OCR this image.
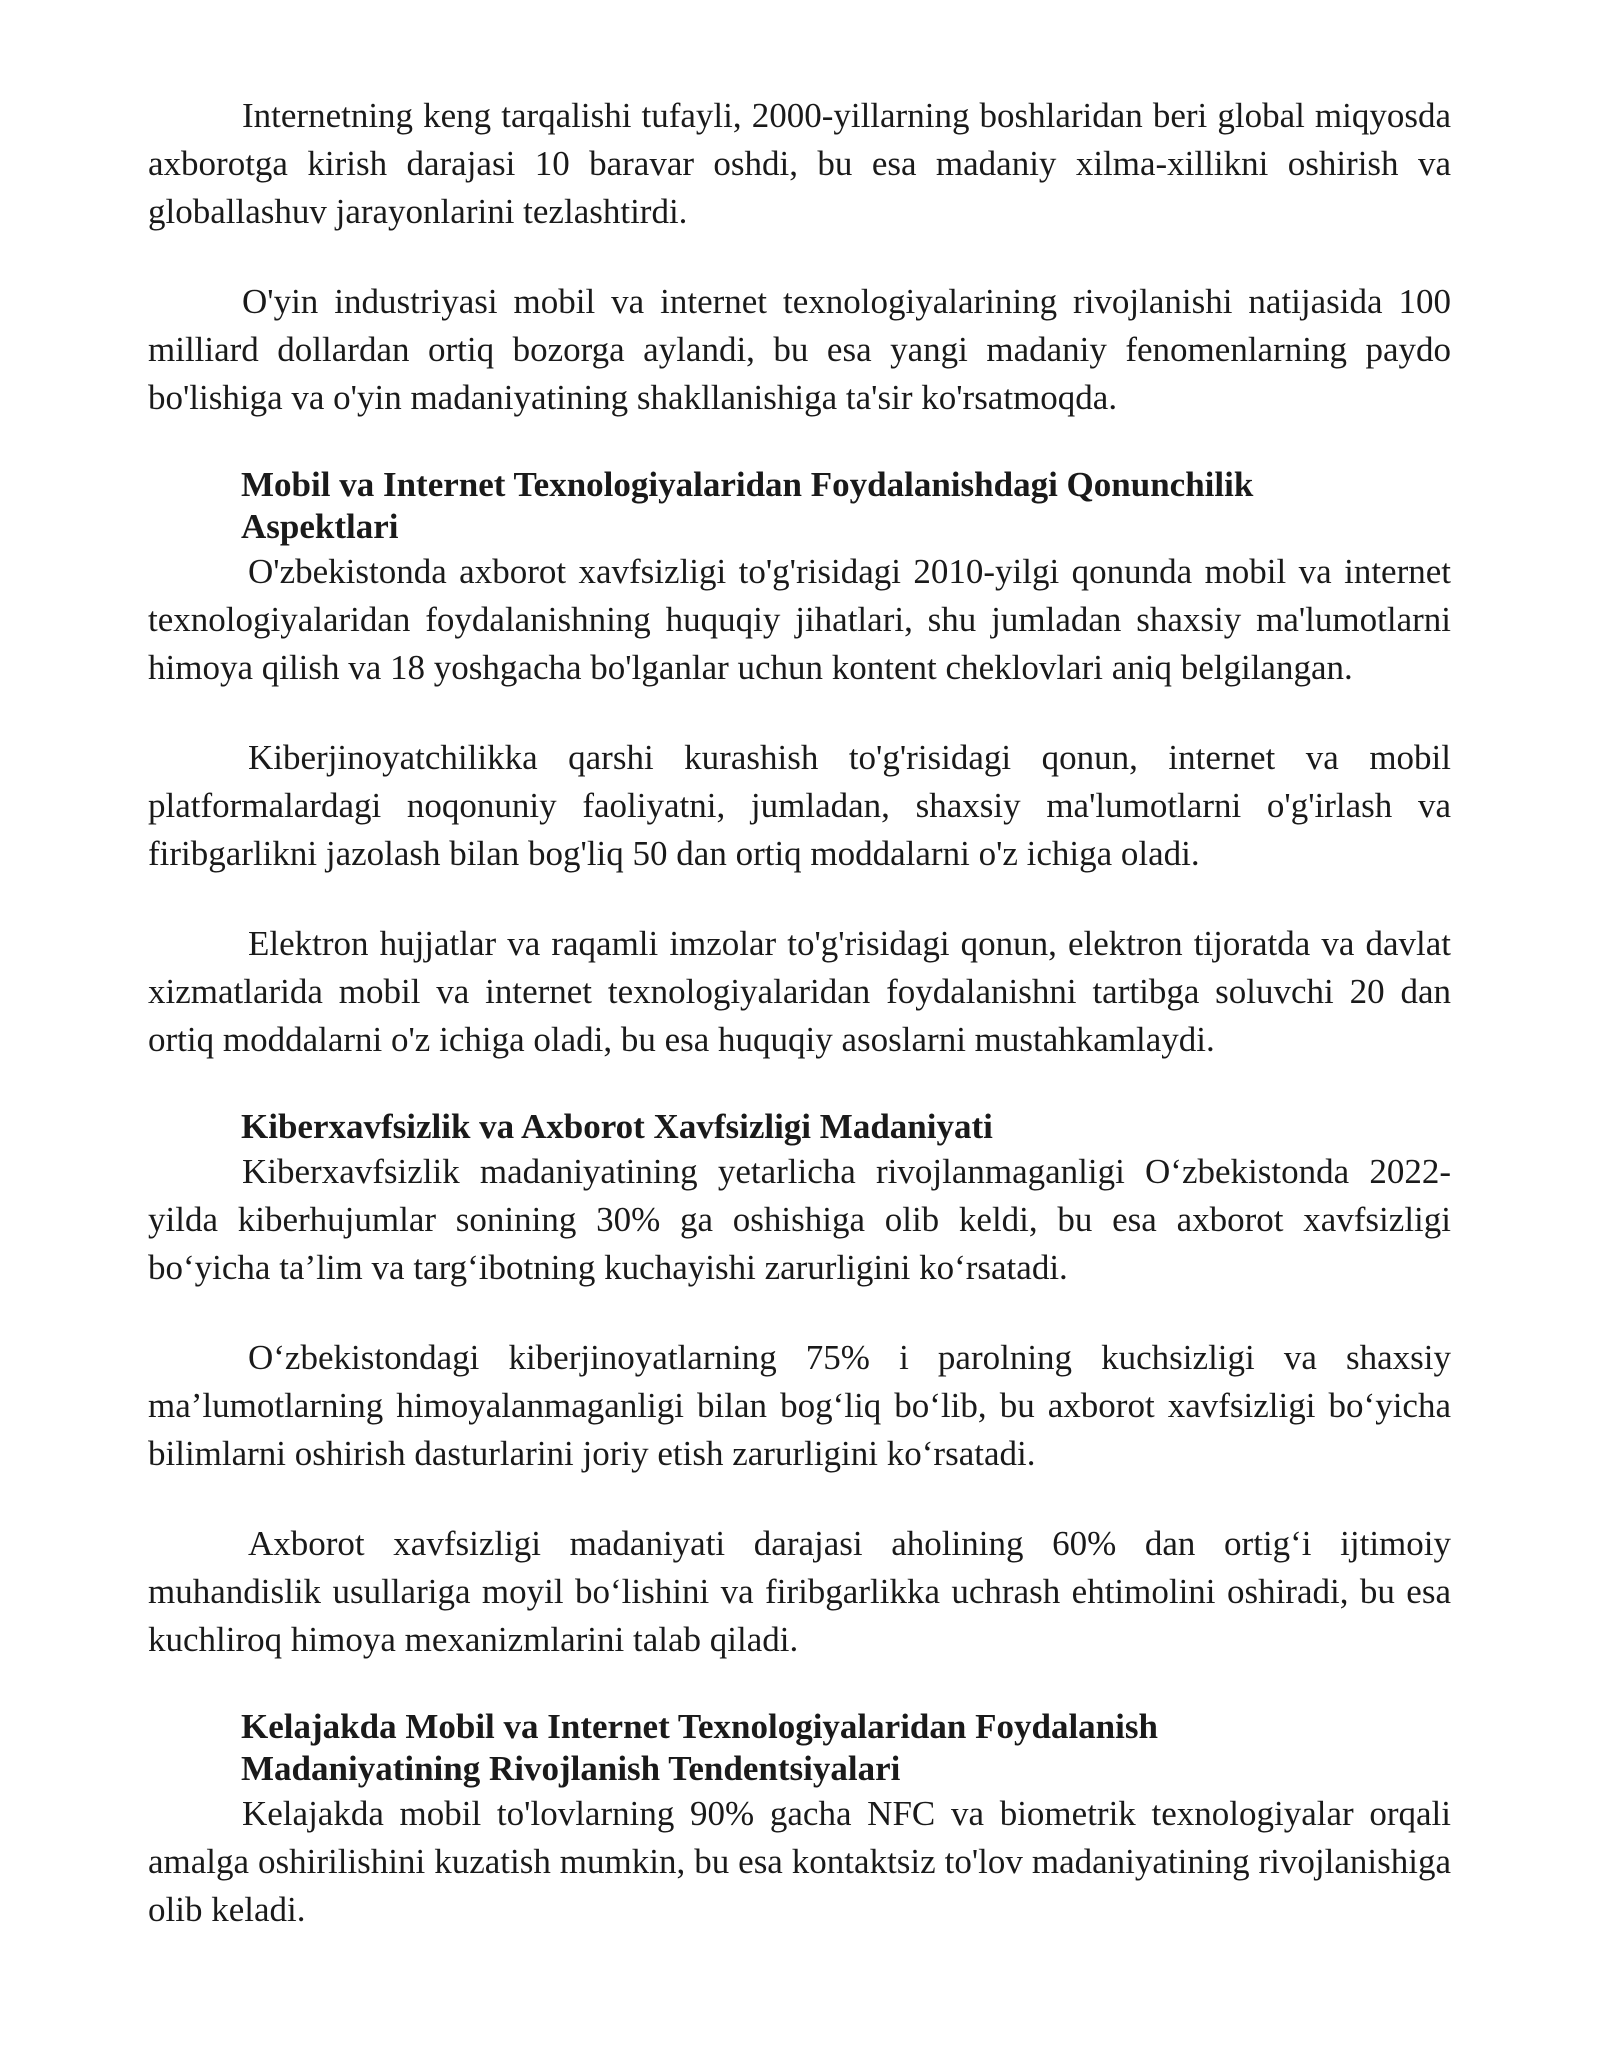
Internetning keng tarqalishi tufayli, 2000-yillarning boshlaridan beri global miqyosda axborotga kirish darajasi 10 baravar oshdi, bu esa madaniy xilma-xillikni oshirish va globallashuv jarayonlarini tezlashtirdi.

O'yin industriyasi mobil va internet texnologiyalarining rivojlanishi natijasida 100 milliard dollardan ortiq bozorga aylandi, bu esa yangi madaniy fenomenlarning paydo bo'lishiga va o'yin madaniyatining shakllanishiga ta'sir ko'rsatmoqda.

Mobil va Internet Texnologiyalaridan Foydalanishdagi Qonunchilik
Aspektlari

O'zbekistonda axborot xavfsizligi to'g'risidagi 2010-yilgi qonunda mobil va internet texnologiyalaridan foydalanishning huquqiy jihatlari, shu jumladan shaxsiy ma'lumotlarni himoya qilish va 18 yoshgacha bo'lganlar uchun kontent cheklovlari aniq belgilangan.

Kiberjinoyatchilikka qarshi kurashish to'g'risidagi qonun, internet va mobil platformalardagi noqonuniy faoliyatni, jumladan, shaxsiy ma'lumotlarni o'g'irlash va firibgarlikni jazolash bilan bog'liq 50 dan ortiq moddalarni o'z ichiga oladi.

Elektron hujjatlar va raqamli imzolar to'g'risidagi qonun, elektron tijoratda va davlat xizmatlarida mobil va internet texnologiyalaridan foydalanishni tartibga soluvchi 20 dan ortiq moddalarni o'z ichiga oladi, bu esa huquqiy asoslarni mustahkamlaydi.

Kiberxavfsizlik va Axborot Xavfsizligi Madaniyati

Kiberxavfsizlik madaniyatining yetarlicha rivojlanmaganligi O‘zbekistonda 2022-yilda kiberhujumlar sonining 30% ga oshishiga olib keldi, bu esa axborot xavfsizligi bo‘yicha ta’lim va targ‘ibotning kuchayishi zarurligini ko‘rsatadi.

O‘zbekistondagi kiberjinoyatlarning 75% i parolning kuchsizligi va shaxsiy ma’lumotlarning himoyalanmaganligi bilan bog‘liq bo‘lib, bu axborot xavfsizligi bo‘yicha bilimlarni oshirish dasturlarini joriy etish zarurligini ko‘rsatadi.

Axborot xavfsizligi madaniyati darajasi aholining 60% dan ortig‘i ijtimoiy muhandislik usullariga moyil bo‘lishini va firibgarlikka uchrash ehtimolini oshiradi, bu esa kuchliroq himoya mexanizmlarini talab qiladi.

Kelajakda Mobil va Internet Texnologiyalaridan Foydalanish
Madaniyatining Rivojlanish Tendentsiyalari

Kelajakda mobil to'lovlarning 90% gacha NFC va biometrik texnologiyalar orqali amalga oshirilishini kuzatish mumkin, bu esa kontaktsiz to'lov madaniyatining rivojlanishiga olib keladi.
